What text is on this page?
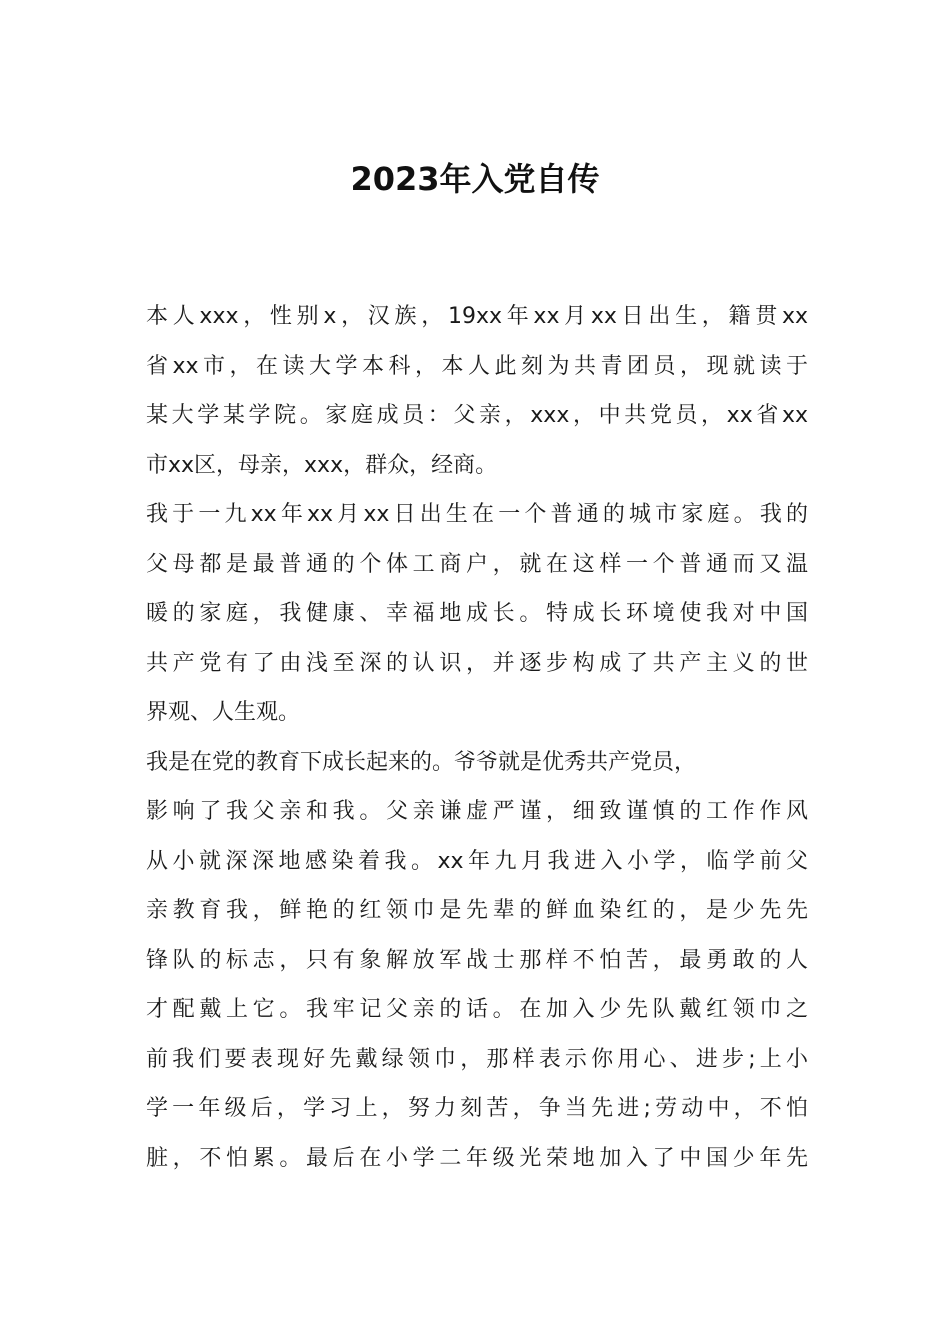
2023年入党自传
本人xxx，性别x，汉族，19xx年xx月xx日出生，籍贯xx
省xx市，在读大学本科，本人此刻为共青团员，现就读于
某大学某学院。家庭成员：父亲，xxx，中共党员，xx省xx
市xx区，母亲，xxx，群众，经商。
我于一九xx年xx月xx日出生在一个普通的城市家庭。我的
父母都是最普通的个体工商户，就在这样一个普通而又温
暖的家庭，我健康、幸福地成长。特成长环境使我对中国
共产党有了由浅至深的认识，并逐步构成了共产主义的世
界观、人生观。
我是在党的教育下成长起来的。爷爷就是优秀共产党员，
影响了我父亲和我。父亲谦虚严谨，细致谨慎的工作作风
从小就深深地感染着我。xx年九月我进入小学，临学前父
亲教育我，鲜艳的红领巾是先辈的鲜血染红的，是少先先
锋队的标志，只有象解放军战士那样不怕苦，最勇敢的人
才配戴上它。我牢记父亲的话。在加入少先队戴红领巾之
前我们要表现好先戴绿领巾，那样表示你用心、进步;上小
学一年级后，学习上，努力刻苦，争当先进;劳动中，不怕
脏，不怕累。最后在小学二年级光荣地加入了中国少年先
